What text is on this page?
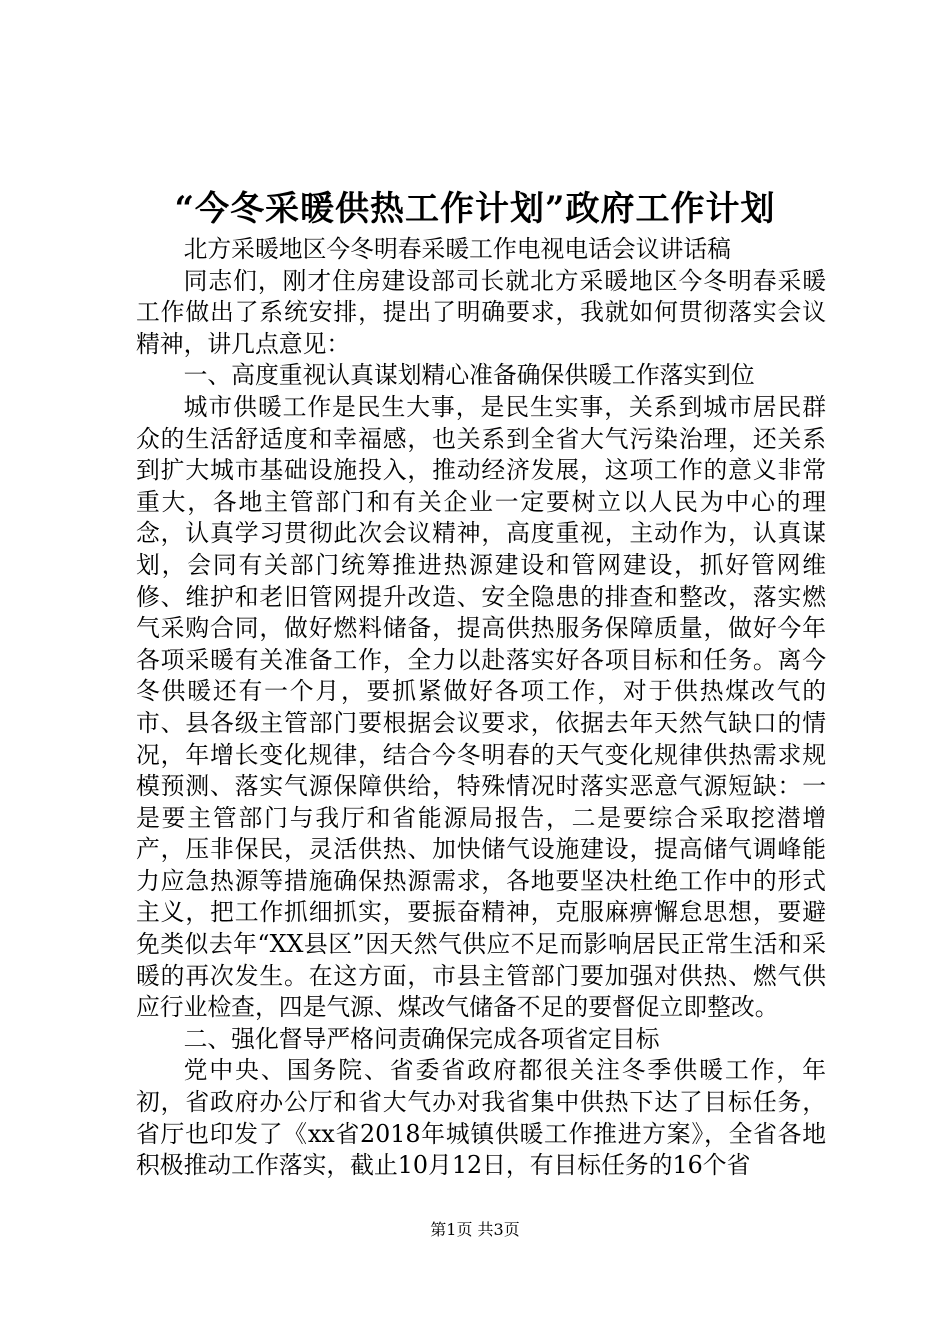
“今冬采暖供热工作计划”政府工作计划

北方采暖地区今冬明春采暖工作电视电话会议讲话稿

同志们，刚才住房建设部司长就北方采暖地区今冬明春采暖工作做出了系统安排，提出了明确要求，我就如何贯彻落实会议精神，讲几点意见：

一、高度重视认真谋划精心准备确保供暖工作落实到位

城市供暖工作是民生大事，是民生实事，关系到城市居民群众的生活舒适度和幸福感，也关系到全省大气污染治理，还关系到扩大城市基础设施投入，推动经济发展，这项工作的意义非常重大，各地主管部门和有关企业一定要树立以人民为中心的理念，认真学习贯彻此次会议精神，高度重视，主动作为，认真谋划，会同有关部门统筹推进热源建设和管网建设，抓好管网维修、维护和老旧管网提升改造、安全隐患的排查和整改，落实燃气采购合同，做好燃料储备，提高供热服务保障质量，做好今年各项采暖有关准备工作，全力以赴落实好各项目标和任务。离今冬供暖还有一个月，要抓紧做好各项工作，对于供热煤改气的市、县各级主管部门要根据会议要求，依据去年天然气缺口的情况，年增长变化规律，结合今冬明春的天气变化规律供热需求规模预测、落实气源保障供给，特殊情况时落实恶意气源短缺：一是要主管部门与我厅和省能源局报告，二是要综合采取挖潜增产，压非保民，灵活供热、加快储气设施建设，提高储气调峰能力应急热源等措施确保热源需求，各地要坚决杜绝工作中的形式主义，把工作抓细抓实，要振奋精神，克服麻痹懈怠思想，要避免类似去年“XX县区”因天然气供应不足而影响居民正常生活和采暖的再次发生。在这方面，市县主管部门要加强对供热、燃气供应行业检查，四是气源、煤改气储备不足的要督促立即整改。

二、强化督导严格问责确保完成各项省定目标

党中央、国务院、省委省政府都很关注冬季供暖工作，年初，省政府办公厅和省大气办对我省集中供热下达了目标任务，省厅也印发了《xx省2018年城镇供暖工作推进方案》，全省各地积极推动工作落实，截止10月12日，有目标任务的16个省

第1页 共3页
